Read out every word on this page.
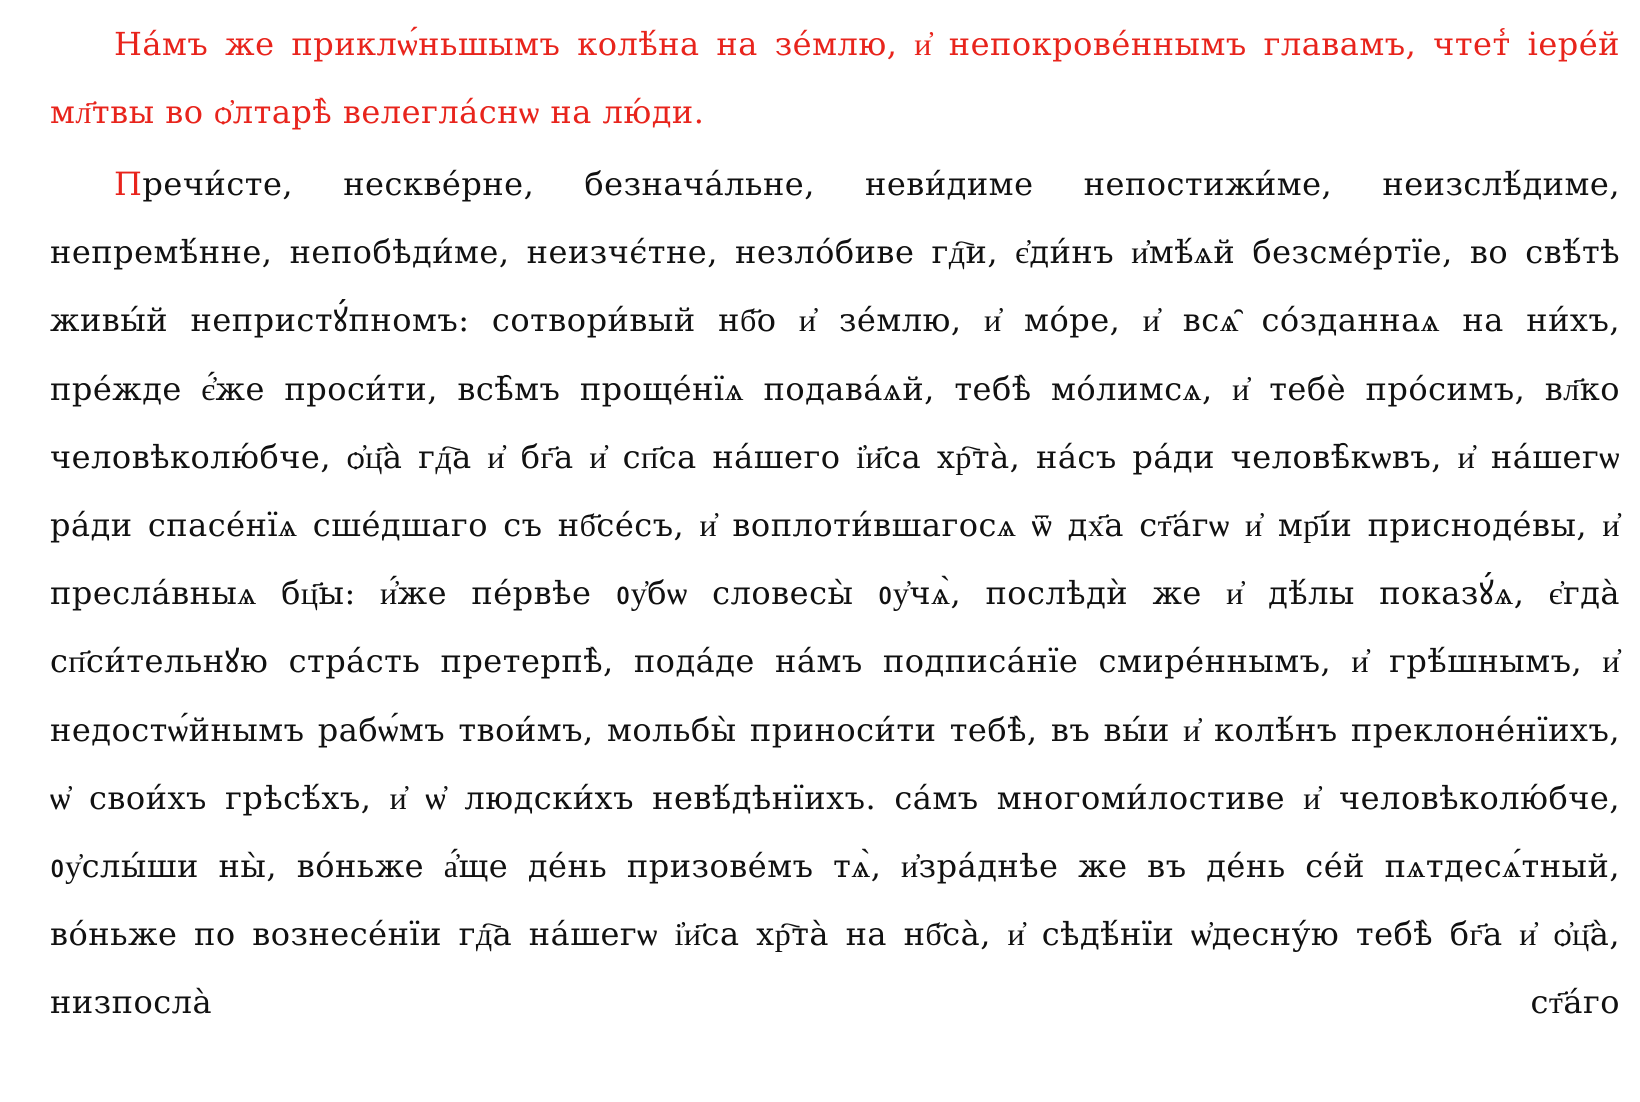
На́мъ же приклѡ́ньшымъ колѣ́на на зе́млю, и҆ непокрове́ннымъ главамъ, чтет̾ іере́й мл҃твы во ѻ҆лтарѣ̀ велегла́снѡ на лю́ди.

Пречи́сте, нескве́рне, безнача́льне, неви́диме непостижи́ме, неизслѣ́диме, непремѣ́нне, непобѣди́ме, неизчє́тне, незло́биве гд҇и, є҆ди́нъ и҆мѣ́ѧй безсме́ртїе, во свѣ́тѣ живы́й непристꙋ́пномъ: сотвори́вый нб҃о и҆ зе́млю, и҆ мо́ре, и҆ всѧ̑ со́зданнаѧ на ни́хъ, пре́жде є҆́же проси́ти, всѣ̑мъ проще́нїѧ подава́ѧй, тебѣ̀ мо́лимсѧ, и҆ тебѐ про́симъ, вл҃ко человѣколю́бче, ѻ҆ц҃а̀ гд҇а и҆ бг҃а и҆ сп҃са на́шего і҆и҃са хр҇та̀, на́съ ра́ди человѣ̑кѡвъ, и҆ на́шегѡ ра́ди спасе́нїѧ сше́дшаго съ нб҃се́съ, и҆ воплоти́вшагосѧ ѿ дх҃а ст҃а́гѡ и҆ мр҃і́и присноде́вы, и҆ пресла́вныѧ бц҃ы: и҆́же пе́рвѣе ᲂу҆бѡ словесы̀ ᲂу҆чѧ̀, послѣдѝ же и҆ дѣ́лы показꙋ́ѧ, є҆гда̀ сп҃си́тельнꙋю стра́сть претерпѣ̀, пода́де на́мъ подписа́нїе смире́ннымъ, и҆ грѣ́шнымъ, и҆ недостѡ́йнымъ рабѡ́мъ твои́мъ, мольбы̀ приноси́ти тебѣ̀, въ вы́и и҆ колѣ́нъ преклоне́нїихъ, ѡ҆ свои́хъ грѣсѣ́хъ, и҆ ѡ҆ людски́хъ невѣ́дѣнїихъ. са́мъ многоми́лостиве и҆ человѣколю́бче, ᲂу҆слы́ши ны̀, во́ньже а҆́ще де́нь призове́мъ тѧ̀, и҆зра́днѣе же въ де́нь се́й пѧтдесѧ́тный, во́ньже по вознесе́нїи гд҇а на́шегѡ і҆и҃са хр҇та̀ на нб҃са̀, и҆ сѣдѣ́нїи ѡ҆десну́ю тебѣ̀ бг҃а и҆ ѻ҆ц҃а̀, низпосла̀ ст҃а́го
